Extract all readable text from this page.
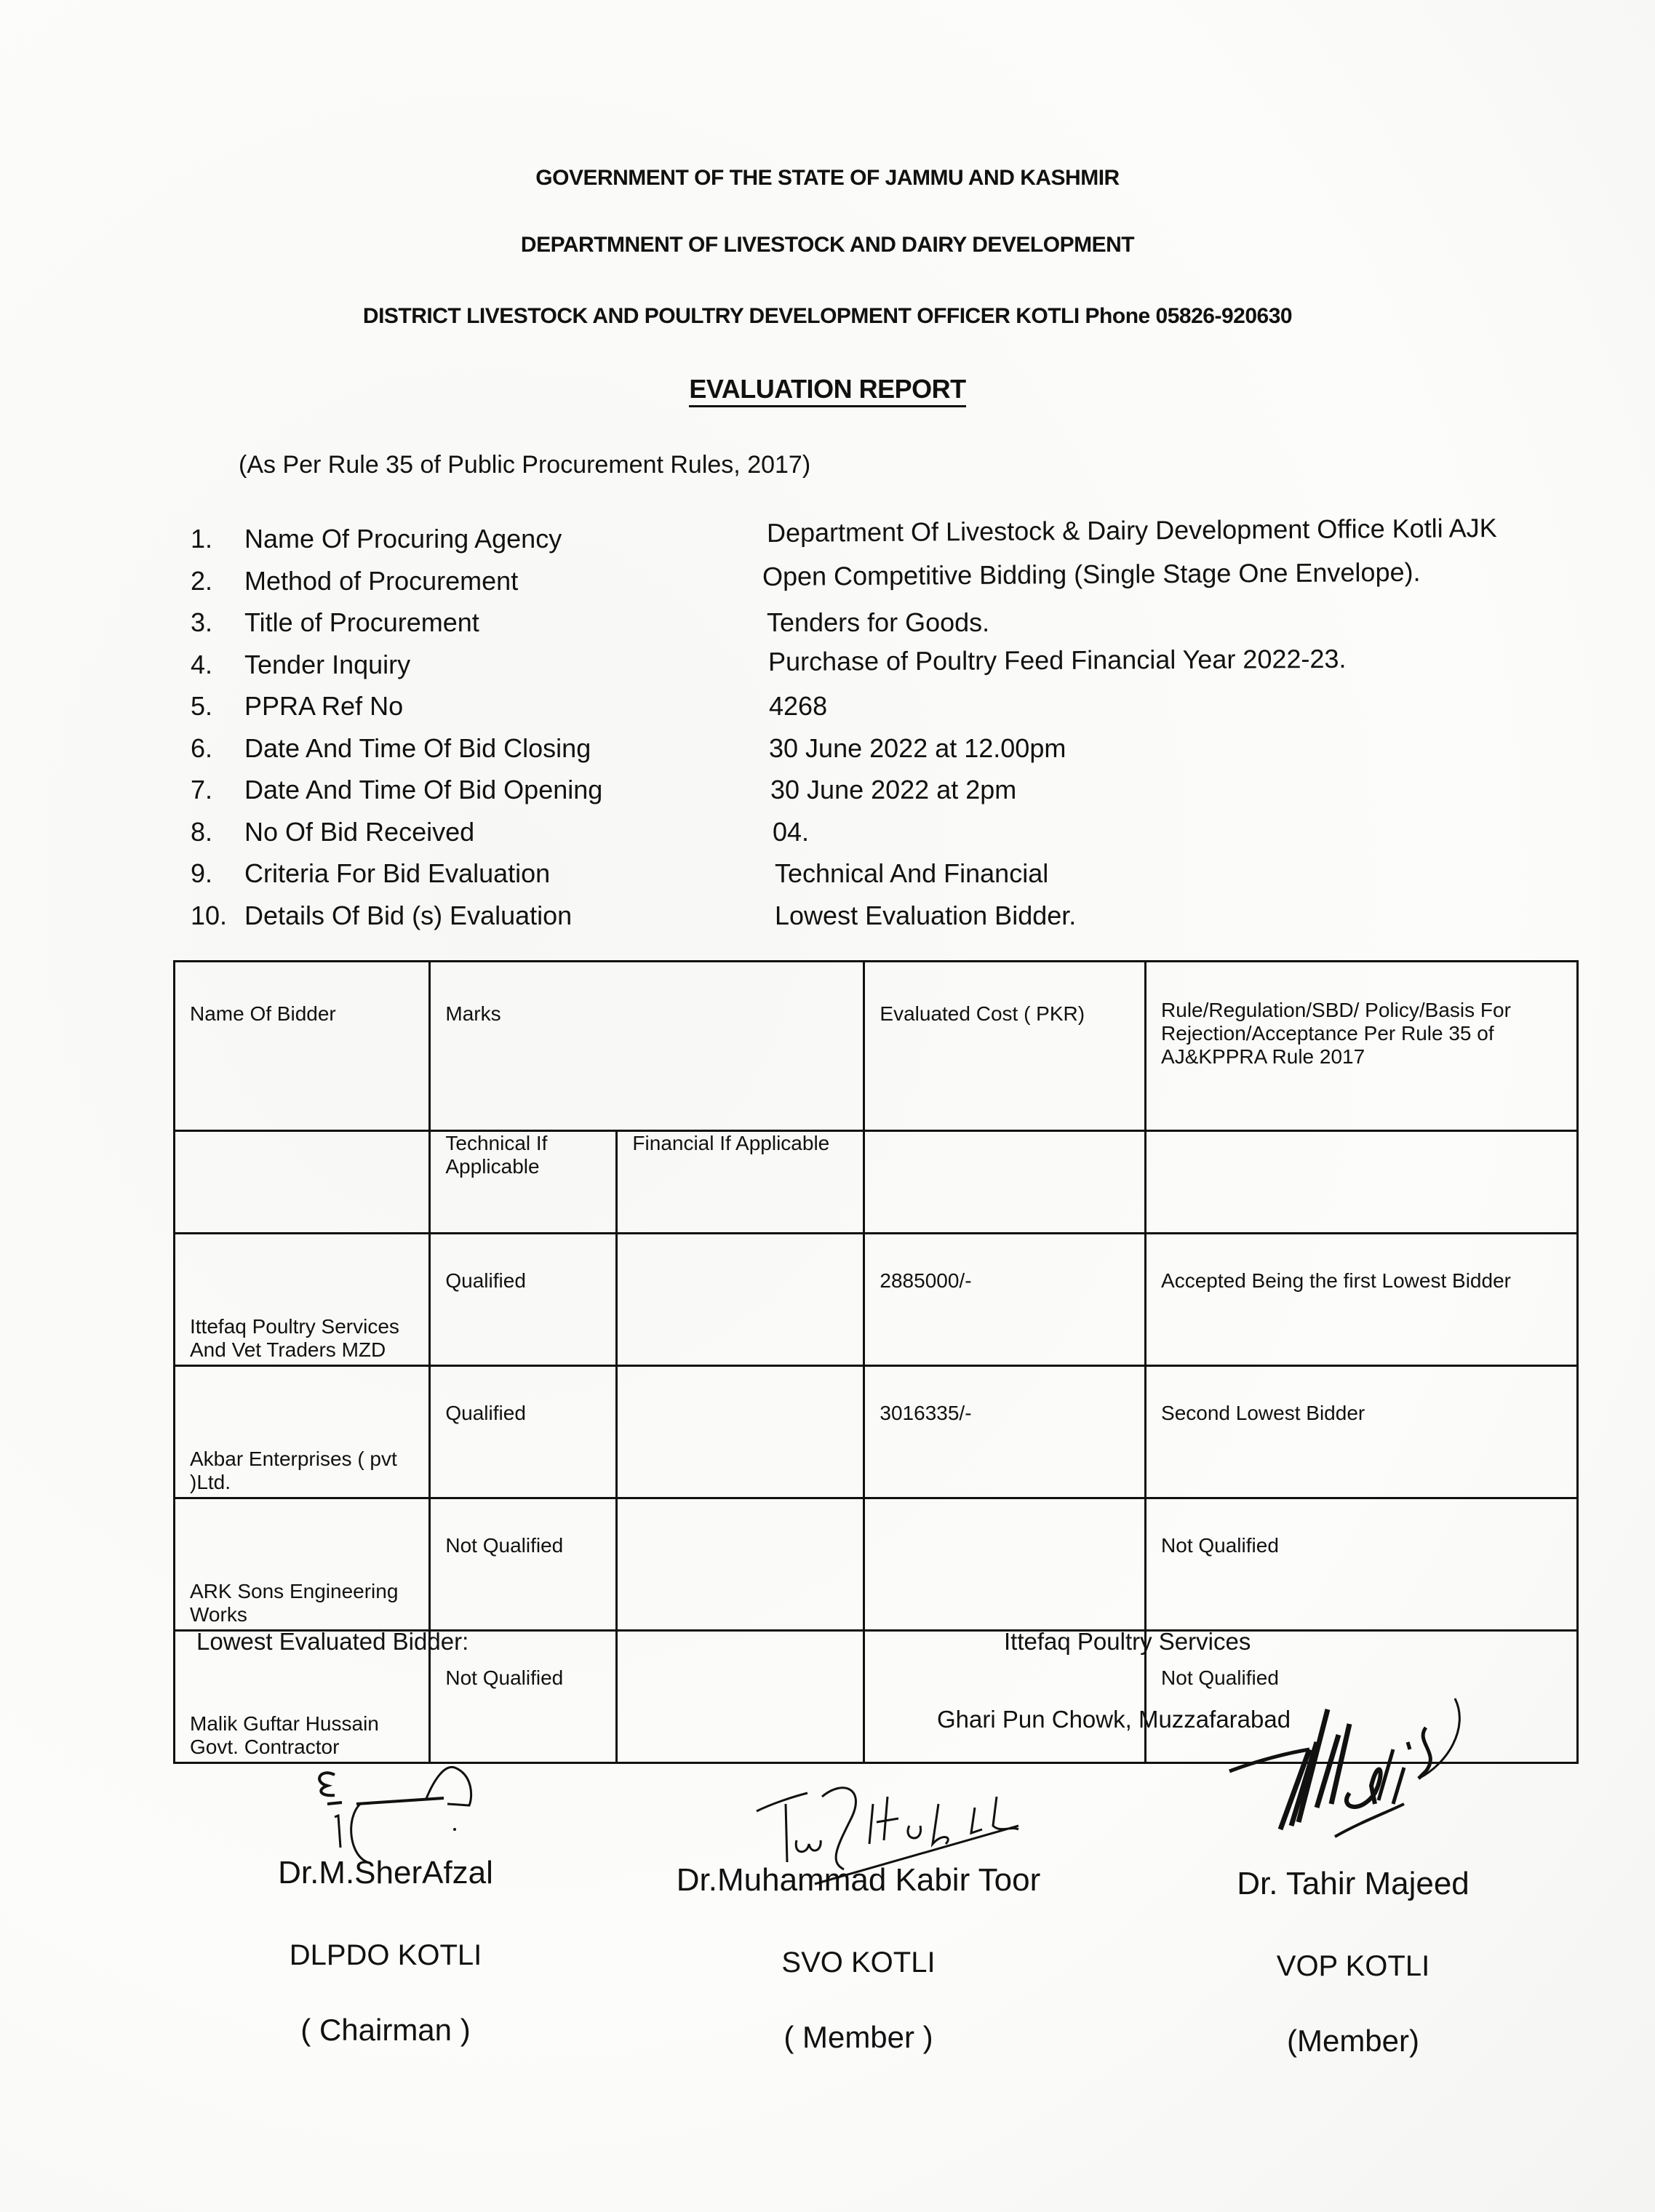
GOVERNMENT OF THE STATE OF JAMMU AND KASHMIR
DEPARTMNENT OF LIVESTOCK AND DAIRY DEVELOPMENT
DISTRICT LIVESTOCK AND POULTRY DEVELOPMENT OFFICER KOTLI Phone 05826-920630
EVALUATION REPORT
(As Per Rule 35 of Public Procurement Rules, 2017)
1.	Name Of Procuring Agency	Department Of Livestock & Dairy Development Office Kotli AJK
2.	Method of Procurement	Open Competitive Bidding (Single Stage One Envelope).
3.	Title of Procurement	Tenders for Goods.
4.	Tender Inquiry	Purchase of Poultry Feed Financial Year 2022-23.
5.	PPRA Ref No	4268
6.	Date And Time Of Bid Closing	30 June 2022 at 12.00pm
7.	Date And Time Of Bid Opening	30 June 2022 at 2pm
8.	No Of Bid Received	04.
9.	Criteria For Bid Evaluation	Technical And Financial
10. Details Of Bid (s) Evaluation	Lowest Evaluation Bidder.
Name Of Bidder	Marks		Evaluated Cost ( PKR)	Rule/Regulation/SBD/ Policy/Basis For Rejection/Acceptance Per Rule 35 of AJ&KPPRA Rule 2017
	Technical If Applicable	Financial If Applicable		
Ittefaq Poultry Services And Vet Traders MZD	Qualified		2885000/-	Accepted Being the first Lowest Bidder
Akbar Enterprises ( pvt )Ltd.	Qualified		3016335/-	Second Lowest Bidder
ARK Sons Engineering Works	Not Qualified			Not Qualified
Malik Guftar Hussain Govt. Contractor	Not Qualified			Not Qualified
Lowest Evaluated Bidder:	Ittefaq Poultry Services
Ghari Pun Chowk, Muzzafarabad
Dr.M.SherAfzal
DLPDO KOTLI
( Chairman )
Dr.Muhammad Kabir Toor
SVO KOTLI
( Member )
Dr. Tahir Majeed
VOP KOTLI
(Member)
